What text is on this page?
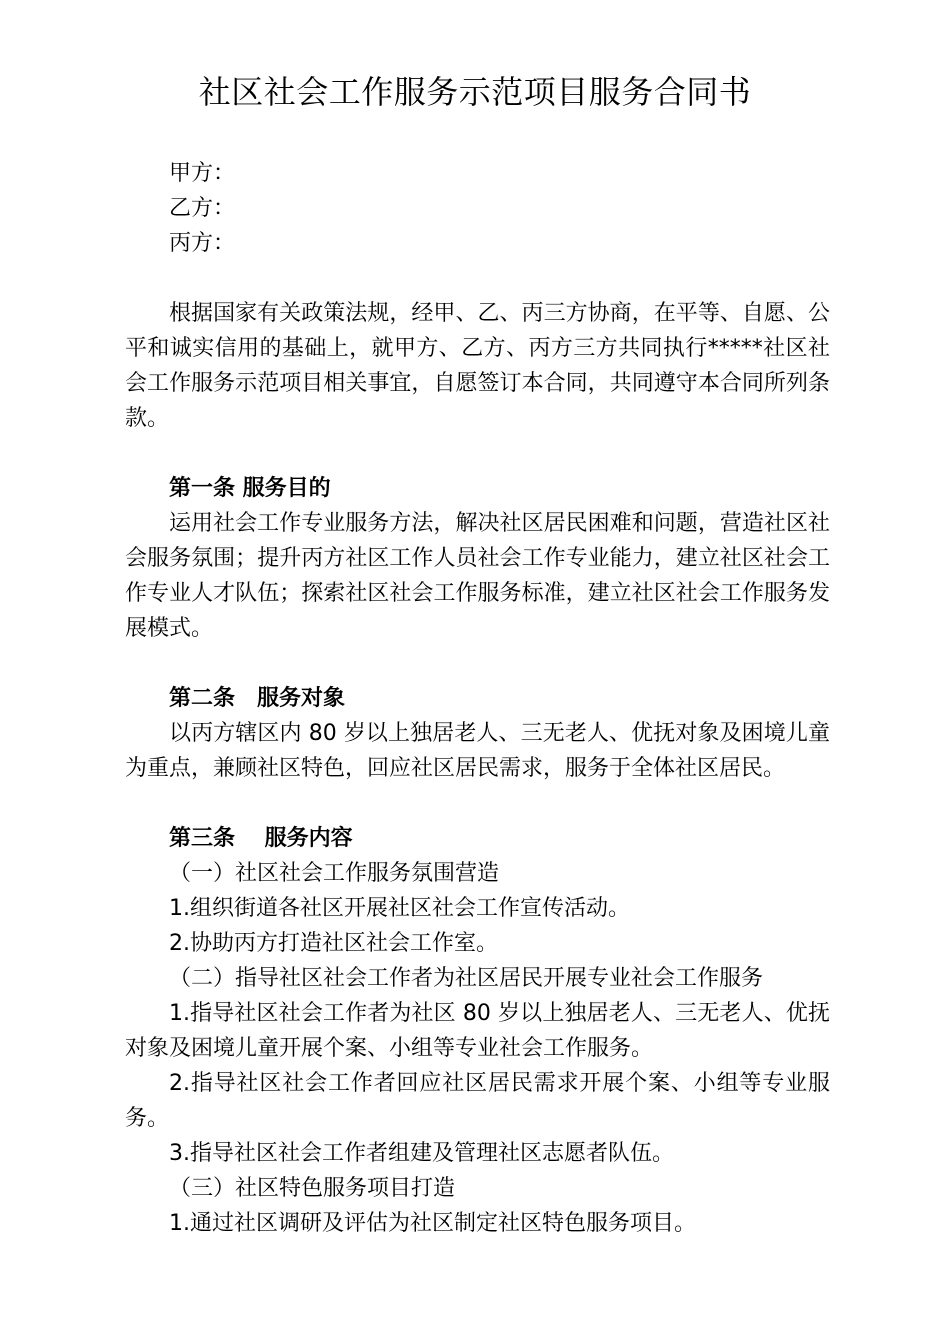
社区社会工作服务示范项目服务合同书

甲方：

乙方：

丙方：

根据国家有关政策法规，经甲、乙、丙三方协商，在平等、自愿、公平和诚实信用的基础上，就甲方、乙方、丙方三方共同执行*****社区社会工作服务示范项目相关事宜，自愿签订本合同，共同遵守本合同所列条款。

第一条 服务目的

运用社会工作专业服务方法，解决社区居民困难和问题，营造社区社会服务氛围；提升丙方社区工作人员社会工作专业能力，建立社区社会工作专业人才队伍；探索社区社会工作服务标准，建立社区社会工作服务发展模式。

第二条　服务对象

以丙方辖区内 80 岁以上独居老人、三无老人、优抚对象及困境儿童为重点，兼顾社区特色，回应社区居民需求，服务于全体社区居民。

第三条　 服务内容

（一）社区社会工作服务氛围营造

1.组织街道各社区开展社区社会工作宣传活动。

2.协助丙方打造社区社会工作室。

（二）指导社区社会工作者为社区居民开展专业社会工作服务

1.指导社区社会工作者为社区 80 岁以上独居老人、三无老人、优抚对象及困境儿童开展个案、小组等专业社会工作服务。

2.指导社区社会工作者回应社区居民需求开展个案、小组等专业服务。

3.指导社区社会工作者组建及管理社区志愿者队伍。

（三）社区特色服务项目打造

1.通过社区调研及评估为社区制定社区特色服务项目。
